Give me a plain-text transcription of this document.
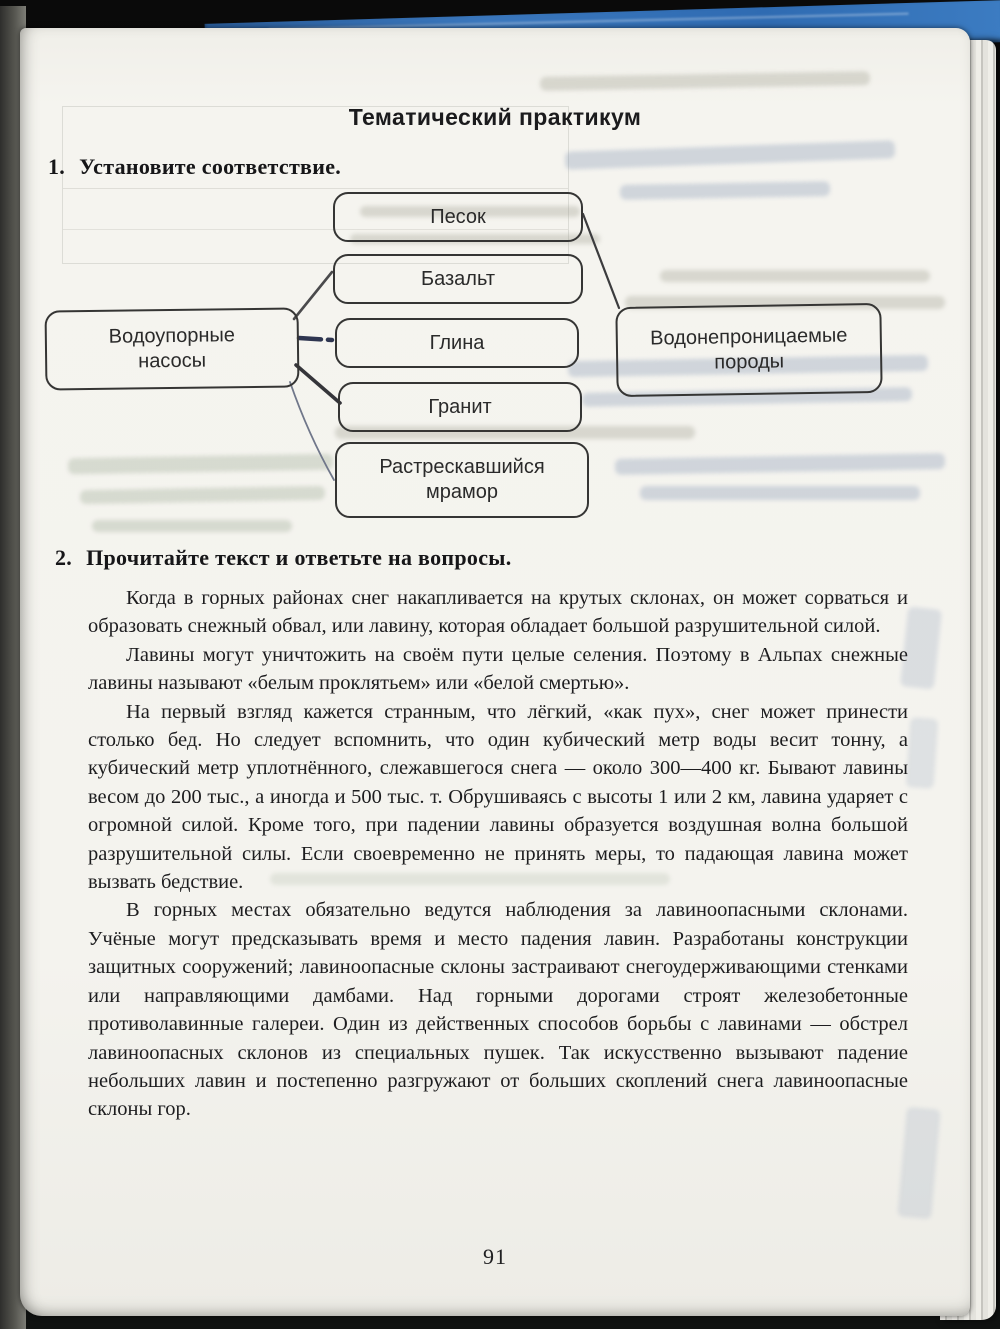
Тематический практикум
1. Установите соответствие.
Водоупорные насосы
Песок
Базальт
Глина
Гранит
Растрескавшийся мрамор
Водонепроницаемые породы
2. Прочитайте текст и ответьте на вопросы.

Когда в горных районах снег накапливается на крутых склонах, он может сорваться и образовать снежный обвал, или лавину, которая обладает большой разрушительной силой.

Лавины могут уничтожить на своём пути целые селения. Поэтому в Альпах снежные лавины называют «белым проклятьем» или «белой смертью».

На первый взгляд кажется странным, что лёгкий, «как пух», снег может принести столько бед. Но следует вспомнить, что один кубический метр воды весит тонну, а кубический метр уплотнённого, слежавшегося снега — около 300—400 кг. Бывают лавины весом до 200 тыс., а иногда и 500 тыс. т. Обрушиваясь с высоты 1 или 2 км, лавина ударяет с огромной силой. Кроме того, при падении лавины образуется воздушная волна большой разрушительной силы. Если своевременно не принять меры, то падающая лавина может вызвать бедствие.

В горных местах обязательно ведутся наблюдения за лавиноопасными склонами. Учёные могут предсказывать время и место падения лавин. Разработаны конструкции защитных сооружений; лавиноопасные склоны застраивают снегоудерживающими стенками или направляющими дамбами. Над горными дорогами строят железобетонные противолавинные галереи. Один из действенных способов борьбы с лавинами — обстрел лавиноопасных склонов из специальных пушек. Так искусственно вызывают падение небольших лавин и постепенно разгружают от больших скоплений снега лавиноопасные склоны гор.

91
